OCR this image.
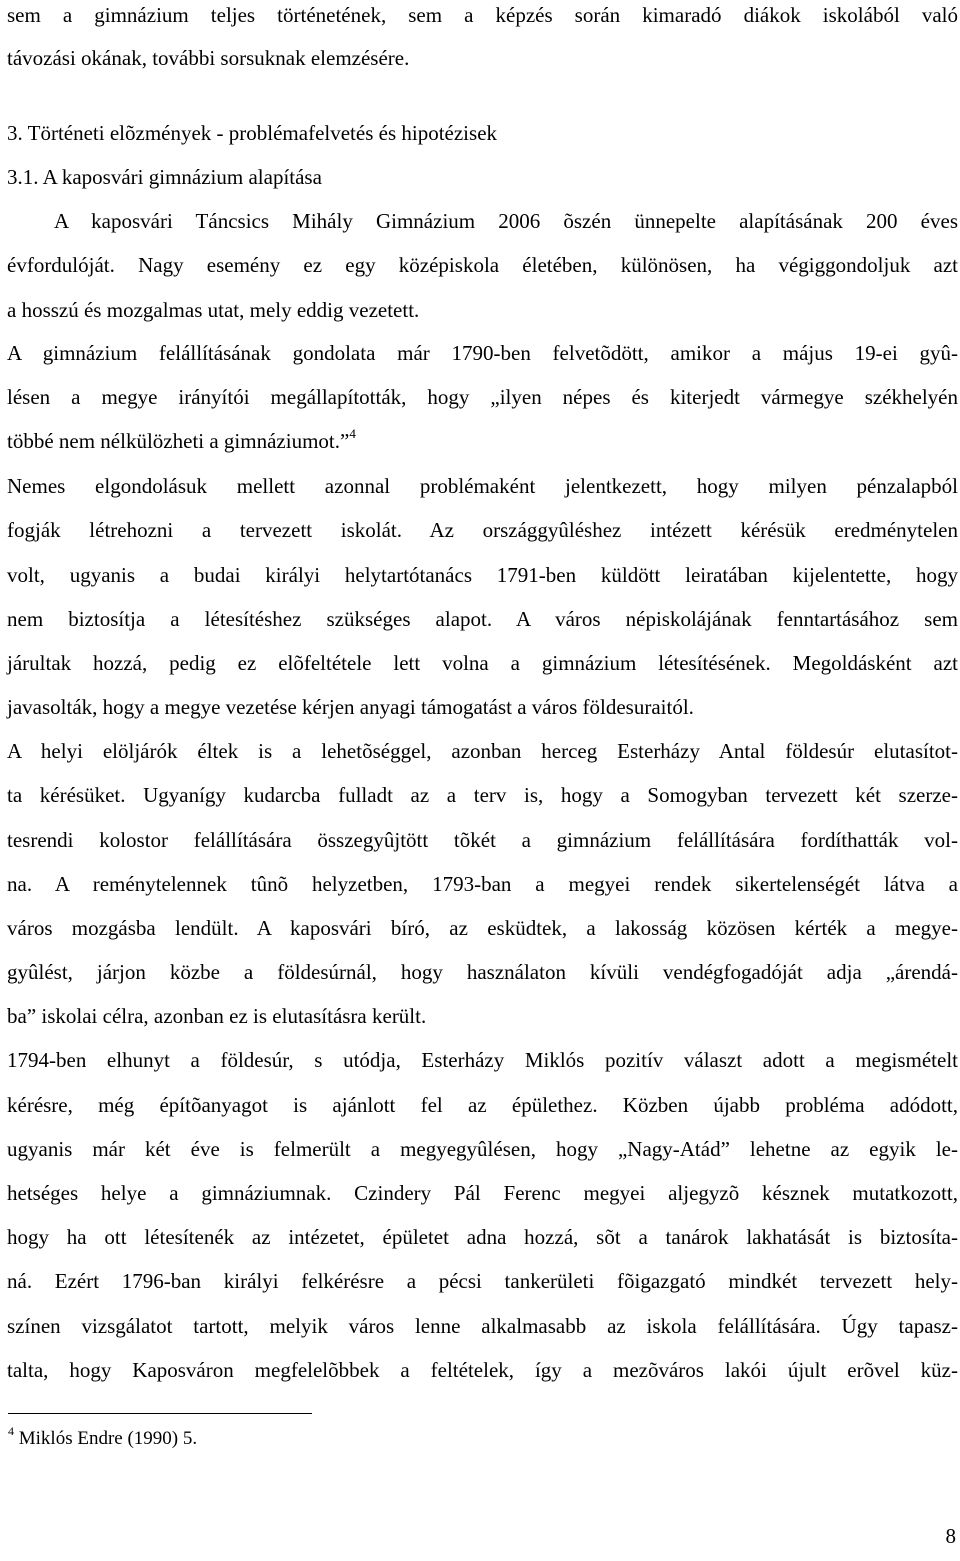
sem a gimnázium teljes történetének, sem a képzés során kimaradó diákok iskolából való
távozási okának, további sorsuknak elemzésére.
3. Történeti elõzmények - problémafelvetés és hipotézisek
3.1. A kaposvári gimnázium alapítása
A kaposvári Táncsics Mihály Gimnázium 2006 õszén ünnepelte alapításának 200 éves
évfordulóját. Nagy esemény ez egy középiskola életében, különösen, ha végiggondoljuk azt
a hosszú és mozgalmas utat, mely eddig vezetett.
A gimnázium felállításának gondolata már 1790-ben felvetõdött, amikor a május 19-ei gyû-
lésen a megye irányítói megállapították, hogy „ilyen népes és kiterjedt vármegye székhelyén
többé nem nélkülözheti a gimnáziumot.”$^4$
Nemes elgondolásuk mellett azonnal problémaként jelentkezett, hogy milyen pénzalapból
fogják létrehozni a tervezett iskolát. Az országgyûléshez intézett kérésük eredménytelen
volt, ugyanis a budai királyi helytartótanács 1791-ben küldött leiratában kijelentette, hogy
nem biztosítja a létesítéshez szükséges alapot. A város népiskolájának fenntartásához sem
járultak hozzá, pedig ez elõfeltétele lett volna a gimnázium létesítésének. Megoldásként azt
javasolták, hogy a megye vezetése kérjen anyagi támogatást a város földesuraitól.
A helyi elöljárók éltek is a lehetõséggel, azonban herceg Esterházy Antal földesúr elutasítot-
ta kérésüket. Ugyanígy kudarcba fulladt az a terv is, hogy a Somogyban tervezett két szerze-
tesrendi kolostor felállítására összegyûjtött tõkét a gimnázium felállítására fordíthatták vol-
na. A reménytelennek tûnõ helyzetben, 1793-ban a megyei rendek sikertelenségét látva a
város mozgásba lendült. A kaposvári bíró, az esküdtek, a lakosság közösen kérték a megye-
gyûlést, járjon közbe a földesúrnál, hogy használaton kívüli vendégfogadóját adja „árendá-
ba” iskolai célra, azonban ez is elutasításra került.
1794-ben elhunyt a földesúr, s utódja, Esterházy Miklós pozitív választ adott a megismételt
kérésre, még építõanyagot is ajánlott fel az épülethez. Közben újabb probléma adódott,
ugyanis már két éve is felmerült a megyegyûlésen, hogy „Nagy-Atád” lehetne az egyik le-
hetséges helye a gimnáziumnak. Czindery Pál Ferenc megyei aljegyzõ késznek mutatkozott,
hogy ha ott létesítenék az intézetet, épületet adna hozzá, sõt a tanárok lakhatását is biztosíta-
ná. Ezért 1796-ban királyi felkérésre a pécsi tankerületi fõigazgató mindkét tervezett hely-
színen vizsgálatot tartott, melyik város lenne alkalmasabb az iskola felállítására. Úgy tapasz-
talta, hogy Kaposváron megfelelõbbek a feltételek, így a mezõváros lakói újult erõvel küz-
$^4$ Miklós Endre (1990) 5.
8
